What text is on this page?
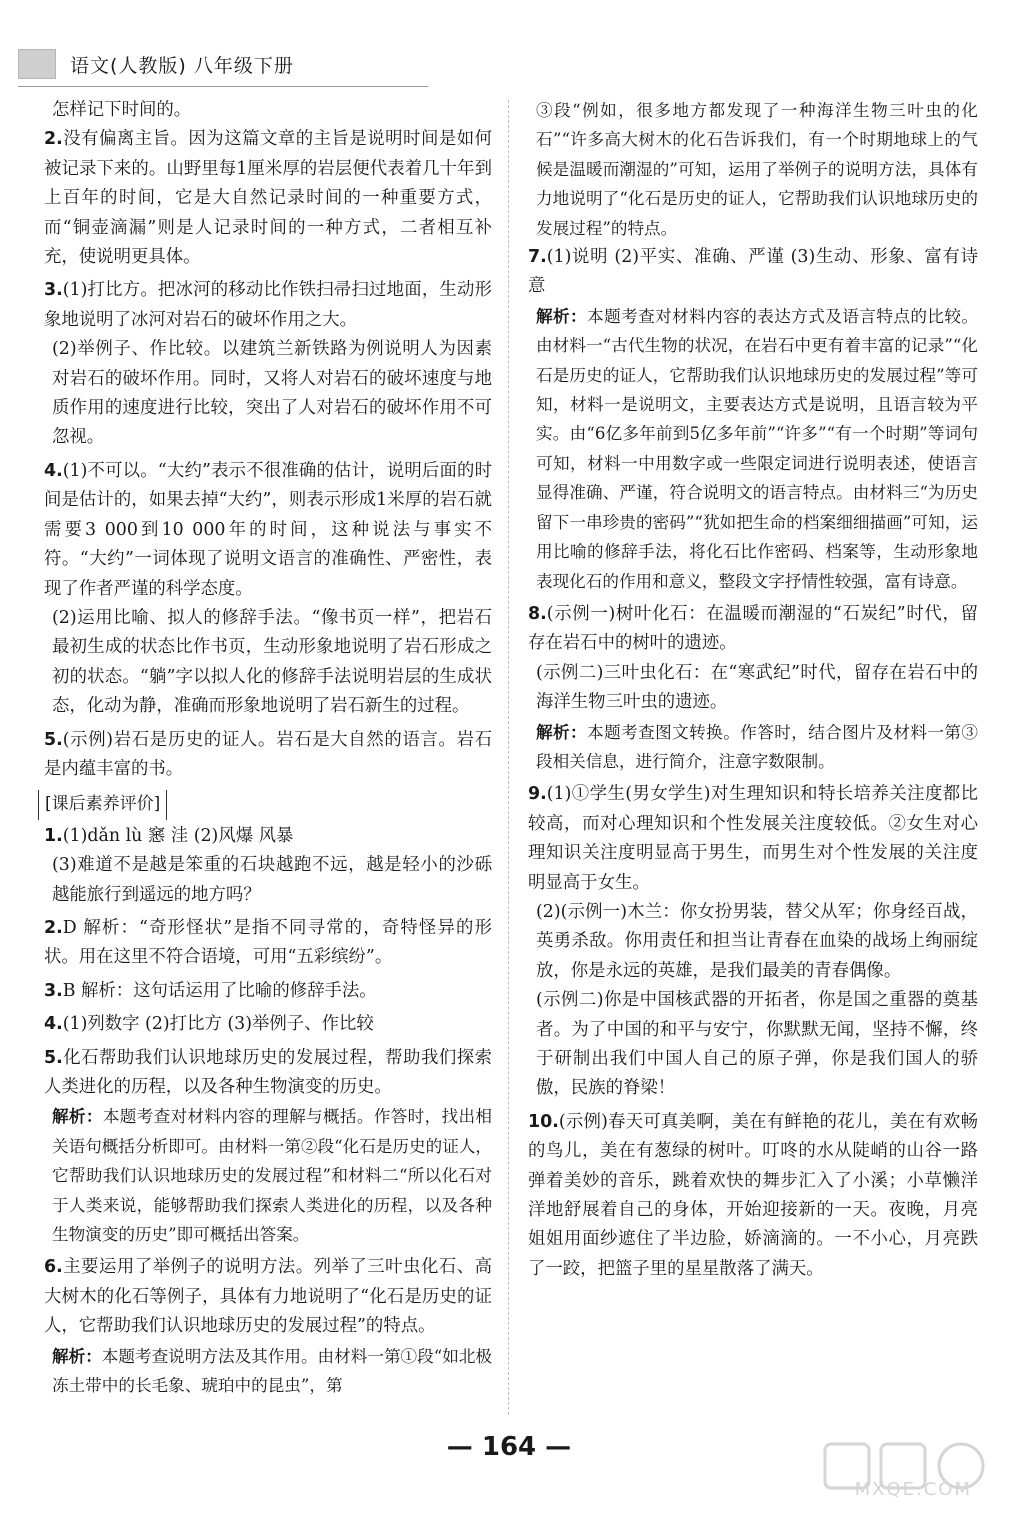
语文(人教版) 八年级下册

怎样记下时间的。

2.没有偏离主旨。因为这篇文章的主旨是说明时间是如何被记录下来的。山野里每1厘米厚的岩层便代表着几十年到上百年的时间，它是大自然记录时间的一种重要方式，而“铜壶滴漏”则是人记录时间的一种方式，二者相互补充，使说明更具体。

3.(1)打比方。把冰河的移动比作铁扫帚扫过地面，生动形象地说明了冰河对岩石的破坏作用之大。

(2)举例子、作比较。以建筑兰新铁路为例说明人为因素对岩石的破坏作用。同时，又将人对岩石的破坏速度与地质作用的速度进行比较，突出了人对岩石的破坏作用不可忽视。

4.(1)不可以。“大约”表示不很准确的估计，说明后面的时间是估计的，如果去掉“大约”，则表示形成1米厚的岩石就需要3 000到10 000年的时间，这种说法与事实不符。“大约”一词体现了说明文语言的准确性、严密性，表现了作者严谨的科学态度。

(2)运用比喻、拟人的修辞手法。“像书页一样”，把岩石最初生成的状态比作书页，生动形象地说明了岩石形成之初的状态。“躺”字以拟人化的修辞手法说明岩层的生成状态，化动为静，准确而形象地说明了岩石新生的过程。

5.(示例)岩石是历史的证人。岩石是大自然的语言。岩石是内蕴丰富的书。

[课后素养评价]

1.(1)dǎn lù 窸 洼 (2)风爆 风暴

(3)难道不是越是笨重的石块越跑不远，越是轻小的沙砾越能旅行到遥远的地方吗？

2.D 解析：“奇形怪状”是指不同寻常的，奇特怪异的形状。用在这里不符合语境，可用“五彩缤纷”。

3.B 解析：这句话运用了比喻的修辞手法。

4.(1)列数字 (2)打比方 (3)举例子、作比较

5.化石帮助我们认识地球历史的发展过程，帮助我们探索人类进化的历程，以及各种生物演变的历史。

解析：本题考查对材料内容的理解与概括。作答时，找出相关语句概括分析即可。由材料一第②段“化石是历史的证人，它帮助我们认识地球历史的发展过程”和材料二“所以化石对于人类来说，能够帮助我们探索人类进化的历程，以及各种生物演变的历史”即可概括出答案。

6.主要运用了举例子的说明方法。列举了三叶虫化石、高大树木的化石等例子，具体有力地说明了“化石是历史的证人，它帮助我们认识地球历史的发展过程”的特点。

解析：本题考查说明方法及其作用。由材料一第①段“如北极冻土带中的长毛象、琥珀中的昆虫”，第

③段“例如，很多地方都发现了一种海洋生物三叶虫的化石”“许多高大树木的化石告诉我们，有一个时期地球上的气候是温暖而潮湿的”可知，运用了举例子的说明方法，具体有力地说明了“化石是历史的证人，它帮助我们认识地球历史的发展过程”的特点。

7.(1)说明 (2)平实、准确、严谨 (3)生动、形象、富有诗意

解析：本题考查对材料内容的表达方式及语言特点的比较。由材料一“古代生物的状况，在岩石中更有着丰富的记录”“化石是历史的证人，它帮助我们认识地球历史的发展过程”等可知，材料一是说明文，主要表达方式是说明，且语言较为平实。由“6亿多年前到5亿多年前”“许多”“有一个时期”等词句可知，材料一中用数字或一些限定词进行说明表述，使语言显得准确、严谨，符合说明文的语言特点。由材料三“为历史留下一串珍贵的密码”“犹如把生命的档案细细描画”可知，运用比喻的修辞手法，将化石比作密码、档案等，生动形象地表现化石的作用和意义，整段文字抒情性较强，富有诗意。

8.(示例一)树叶化石：在温暖而潮湿的“石炭纪”时代，留存在岩石中的树叶的遗迹。

(示例二)三叶虫化石：在“寒武纪”时代，留存在岩石中的海洋生物三叶虫的遗迹。

解析：本题考查图文转换。作答时，结合图片及材料一第③段相关信息，进行简介，注意字数限制。

9.(1)①学生(男女学生)对生理知识和特长培养关注度都比较高，而对心理知识和个性发展关注度较低。②女生对心理知识关注度明显高于男生，而男生对个性发展的关注度明显高于女生。

(2)(示例一)木兰：你女扮男装，替父从军；你身经百战，英勇杀敌。你用责任和担当让青春在血染的战场上绚丽绽放，你是永远的英雄，是我们最美的青春偶像。

(示例二)你是中国核武器的开拓者，你是国之重器的奠基者。为了中国的和平与安宁，你默默无闻，坚持不懈，终于研制出我们中国人自己的原子弹，你是我们国人的骄傲，民族的脊梁！

10.(示例)春天可真美啊，美在有鲜艳的花儿，美在有欢畅的鸟儿，美在有葱绿的树叶。叮咚的水从陡峭的山谷一路弹着美妙的音乐，跳着欢快的舞步汇入了小溪；小草懒洋洋地舒展着自己的身体，开始迎接新的一天。夜晚，月亮姐姐用面纱遮住了半边脸，娇滴滴的。一不小心，月亮跌了一跤，把篮子里的星星散落了满天。

— 164 —
MXQE.COM
